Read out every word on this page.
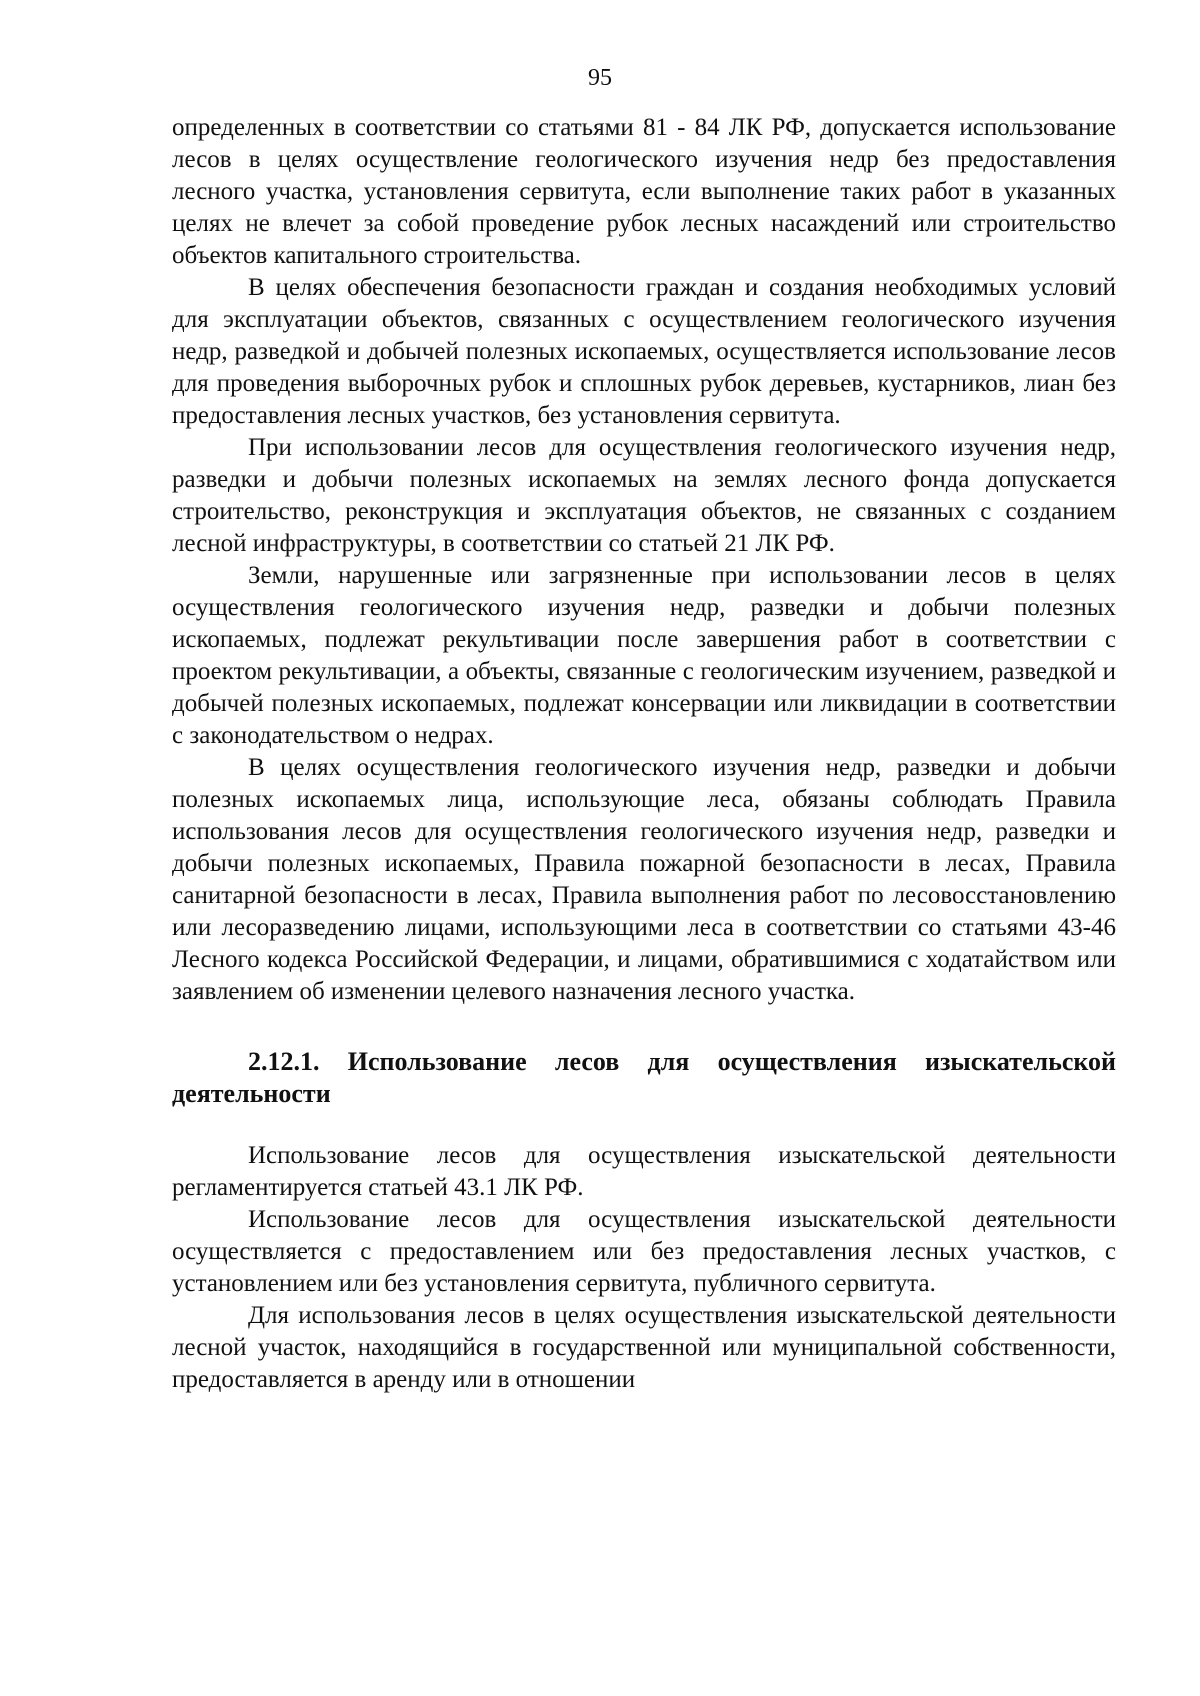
95

определенных в соответствии со статьями 81 - 84 ЛК РФ, допускается использование лесов в целях осуществление геологического изучения недр без предоставления лесного участка, установления сервитута, если выполнение таких работ в указанных целях не влечет за собой проведение рубок лесных насаждений или строительство объектов капитального строительства.

В целях обеспечения безопасности граждан и создания необходимых условий для эксплуатации объектов, связанных с осуществлением геологического изучения недр, разведкой и добычей полезных ископаемых, осуществляется использование лесов для проведения выборочных рубок и сплошных рубок деревьев, кустарников, лиан без предоставления лесных участков, без установления сервитута.

При использовании лесов для осуществления геологического изучения недр, разведки и добычи полезных ископаемых на землях лесного фонда допускается строительство, реконструкция и эксплуатация объектов, не связанных с созданием лесной инфраструктуры, в соответствии со статьей 21 ЛК РФ.

Земли, нарушенные или загрязненные при использовании лесов в целях осуществления геологического изучения недр, разведки и добычи полезных ископаемых, подлежат рекультивации после завершения работ в соответствии с проектом рекультивации, а объекты, связанные с геологическим изучением, разведкой и добычей полезных ископаемых, подлежат консервации или ликвидации в соответствии с законодательством о недрах.

В целях осуществления геологического изучения недр, разведки и добычи полезных ископаемых лица, использующие леса, обязаны соблюдать Правила использования лесов для осуществления геологического изучения недр, разведки и добычи полезных ископаемых, Правила пожарной безопасности в лесах, Правила санитарной безопасности в лесах, Правила выполнения работ по лесовосстановлению или лесоразведению лицами, использующими леса в соответствии со статьями 43-46 Лесного кодекса Российской Федерации, и лицами, обратившимися с ходатайством или заявлением об изменении целевого назначения лесного участка.

2.12.1. Использование лесов для осуществления изыскательской деятельности

Использование лесов для осуществления изыскательской деятельности регламентируется статьей 43.1 ЛК РФ.

Использование лесов для осуществления изыскательской деятельности осуществляется с предоставлением или без предоставления лесных участков, с установлением или без установления сервитута, публичного сервитута.

Для использования лесов в целях осуществления изыскательской деятельности лесной участок, находящийся в государственной или муниципальной собственности, предоставляется в аренду или в отношении
